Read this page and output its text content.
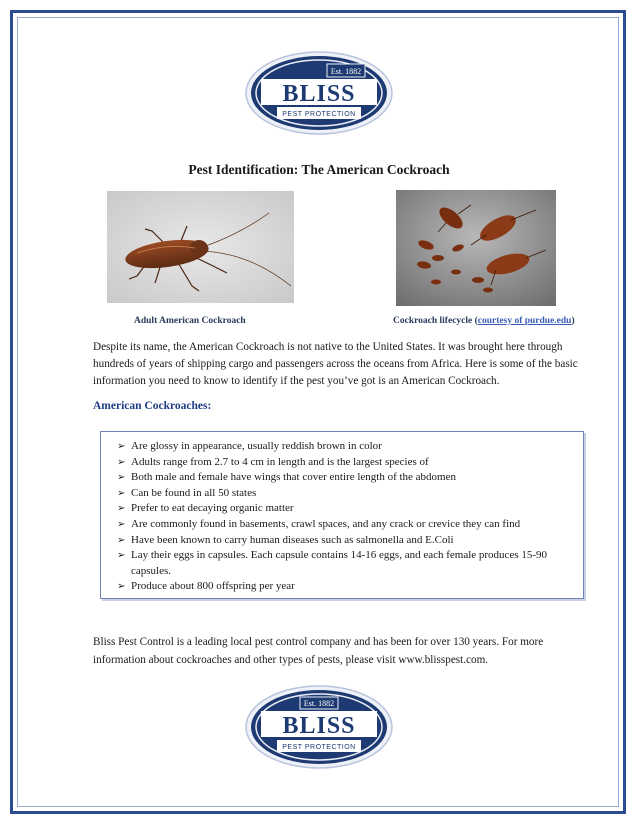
Est. 1882
BLISS
PEST PROTECTION
Pest Identification: The American Cockroach
Adult American Cockroach	Cockroach lifecycle (courtesy of purdue.edu)
Despite its name, the American Cockroach is not native to the United States. It was brought here through hundreds of years of shipping cargo and passengers across the oceans from Africa. Here is some of the basic information you need to know to identify if the pest you’ve got is an American Cockroach.
American Cockroaches:
➢ Are glossy in appearance, usually reddish brown in color
➢ Adults range from 2.7 to 4 cm in length and is the largest species of
➢ Both male and female have wings that cover entire length of the abdomen
➢ Can be found in all 50 states
➢ Prefer to eat decaying organic matter
➢ Are commonly found in basements, crawl spaces, and any crack or crevice they can find
➢ Have been known to carry human diseases such as salmonella and E.Coli
➢ Lay their eggs in capsules. Each capsule contains 14-16 eggs, and each female produces 15-90 capsules.
➢ Produce about 800 offspring per year
Bliss Pest Control is a leading local pest control company and has been for over 130 years. For more information about cockroaches and other types of pests, please visit www.blisspest.com.
Est. 1882
BLISS
PEST PROTECTION
